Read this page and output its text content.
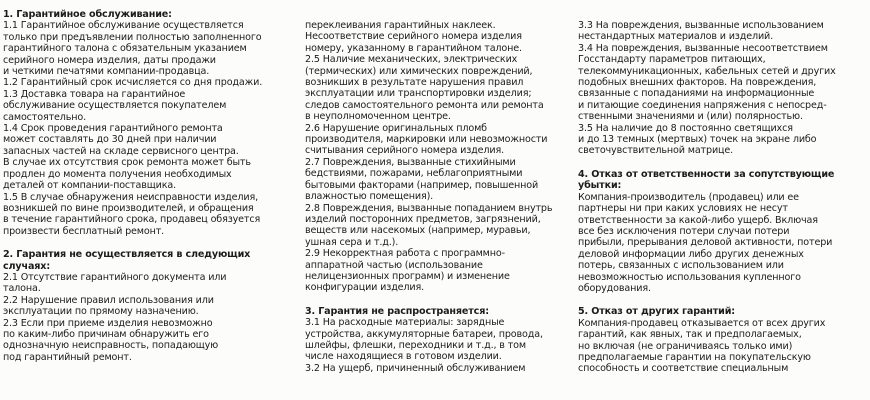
1. Гарантийное обслуживание:
1.1 Гарантийное обслуживание осуществляется
только при предъявлении полностью заполненного
гарантийного талона с обязательным указанием
серийного номера изделия, даты продажи
и четкими печатями компании-продавца.
1.2 Гарантийный срок исчисляется со дня продажи.
1.3 Доставка товара на гарантийное
обслуживание осуществляется покупателем
самостоятельно.
1.4 Срок проведения гарантийного ремонта
может составлять до 30 дней при наличии
запасных частей на складе сервисного центра.
В случае их отсутствия срок ремонта может быть
продлен до момента получения необходимых
деталей от компании-поставщика.
1.5 В случае обнаружения неисправности изделия,
возникшей по вине производителей, и обращения
в течение гарантийного срока, продавец обязуется
произвести бесплатный ремонт.
2. Гарантия не осуществляется в следующих
случаях:
2.1 Отсутствие гарантийного документа или
талона.
2.2 Нарушение правил использования или
эксплуатации по прямому назначению.
2.3 Если при приеме изделия невозможно
по каким-либо причинам обнаружить его
однозначную неисправность, попадающую
под гарантийный ремонт.
переклеивания гарантийных наклеек.
Несоответствие серийного номера изделия
номеру, указанному в гарантийном талоне.
2.5 Наличие механических, электрических
(термических) или химических повреждений,
возникших в результате нарушения правил
эксплуатации или транспортировки изделия;
следов самостоятельного ремонта или ремонта
в неуполномоченном центре.
2.6 Нарушение оригинальных пломб
производителя, маркировки или невозможности
считывания серийного номера изделия.
2.7 Повреждения, вызванные стихийными
бедствиями, пожарами, неблагоприятными
бытовыми факторами (например, повышенной
влажностью помещения).
2.8 Повреждения, вызванные попаданием внутрь
изделий посторонних предметов, загрязнений,
веществ или насекомых (например, муравьи,
ушная сера и т.д.).
2.9 Некорректная работа с программно-
аппаратной частью (использование
нелицензионных программ) и изменение
конфигурации изделия.
3. Гарантия не распространяется:
3.1 На расходные материалы: зарядные
устройства, аккумуляторные батареи, провода,
шлейфы, флешки, переходники и т.д., в том
числе находящиеся в готовом изделии.
3.2 На ущерб, причиненный обслуживанием
3.3 На повреждения, вызванные использованием
нестандартных материалов и изделий.
3.4 На повреждения, вызванные несоответствием
Госстандарту параметров питающих,
телекоммуникационных, кабельных сетей и других
подобных внешних факторов. На повреждения,
связанные с попаданиями на информационные
и питающие соединения напряжения с непосред-
ственными значениями и (или) полярностью.
3.5 На наличие до 8 постоянно светящихся
и до 13 темных (мертвых) точек на экране либо
светочувствительной матрице.
4. Отказ от ответственности за сопутствующие
убытки:
Компания-производитель (продавец) или ее
партнеры ни при каких условиях не несут
ответственности за какой-либо ущерб. Включая
все без исключения потери случаи потери
прибыли, прерывания деловой активности, потери
деловой информации либо других денежных
потерь, связанных с использованием или
невозможностью использования купленного
оборудования.
5. Отказ от других гарантий:
Компания-продавец отказывается от всех других
гарантий, как явных, так и предполагаемых,
но включая (не ограничиваясь только ими)
предполагаемые гарантии на покупательскую
способность и соответствие специальным
